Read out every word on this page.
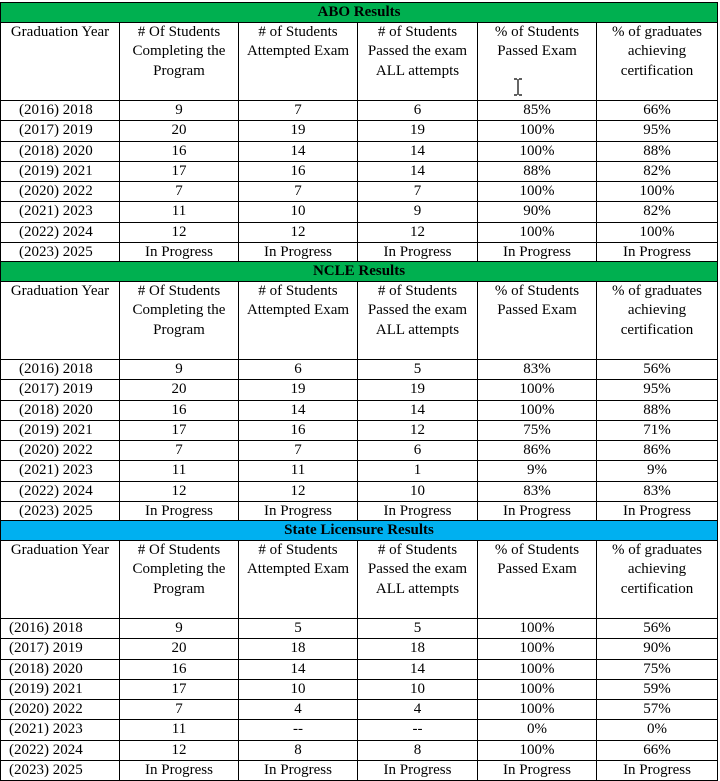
ABO Results					
Graduation Year	# Of Students Completing the Program	# of Students Attempted Exam	# of Students Passed the exam ALL attempts	% of Students Passed Exam	% of graduates achieving certification
(2016) 2018	9	7	6	85%	66%
(2017) 2019	20	19	19	100%	95%
(2018) 2020	16	14	14	100%	88%
(2019) 2021	17	16	14	88%	82%
(2020) 2022	7	7	7	100%	100%
(2021) 2023	11	10	9	90%	82%
(2022) 2024	12	12	12	100%	100%
(2023) 2025	In Progress	In Progress	In Progress	In Progress	In Progress
NCLE Results					
Graduation Year	# Of Students Completing the Program	# of Students Attempted Exam	# of Students Passed the exam ALL attempts	% of Students Passed Exam	% of graduates achieving certification
(2016) 2018	9	6	5	83%	56%
(2017) 2019	20	19	19	100%	95%
(2018) 2020	16	14	14	100%	88%
(2019) 2021	17	16	12	75%	71%
(2020) 2022	7	7	6	86%	86%
(2021) 2023	11	11	1	9%	9%
(2022) 2024	12	12	10	83%	83%
(2023) 2025	In Progress	In Progress	In Progress	In Progress	In Progress
State Licensure Results					
Graduation Year	# Of Students Completing the Program	# of Students Attempted Exam	# of Students Passed the exam ALL attempts	% of Students Passed Exam	% of graduates achieving certification
(2016) 2018	9	5	5	100%	56%
(2017) 2019	20	18	18	100%	90%
(2018) 2020	16	14	14	100%	75%
(2019) 2021	17	10	10	100%	59%
(2020) 2022	7	4	4	100%	57%
(2021) 2023	11	--	--	0%	0%
(2022) 2024	12	8	8	100%	66%
(2023) 2025	In Progress	In Progress	In Progress	In Progress	In Progress
